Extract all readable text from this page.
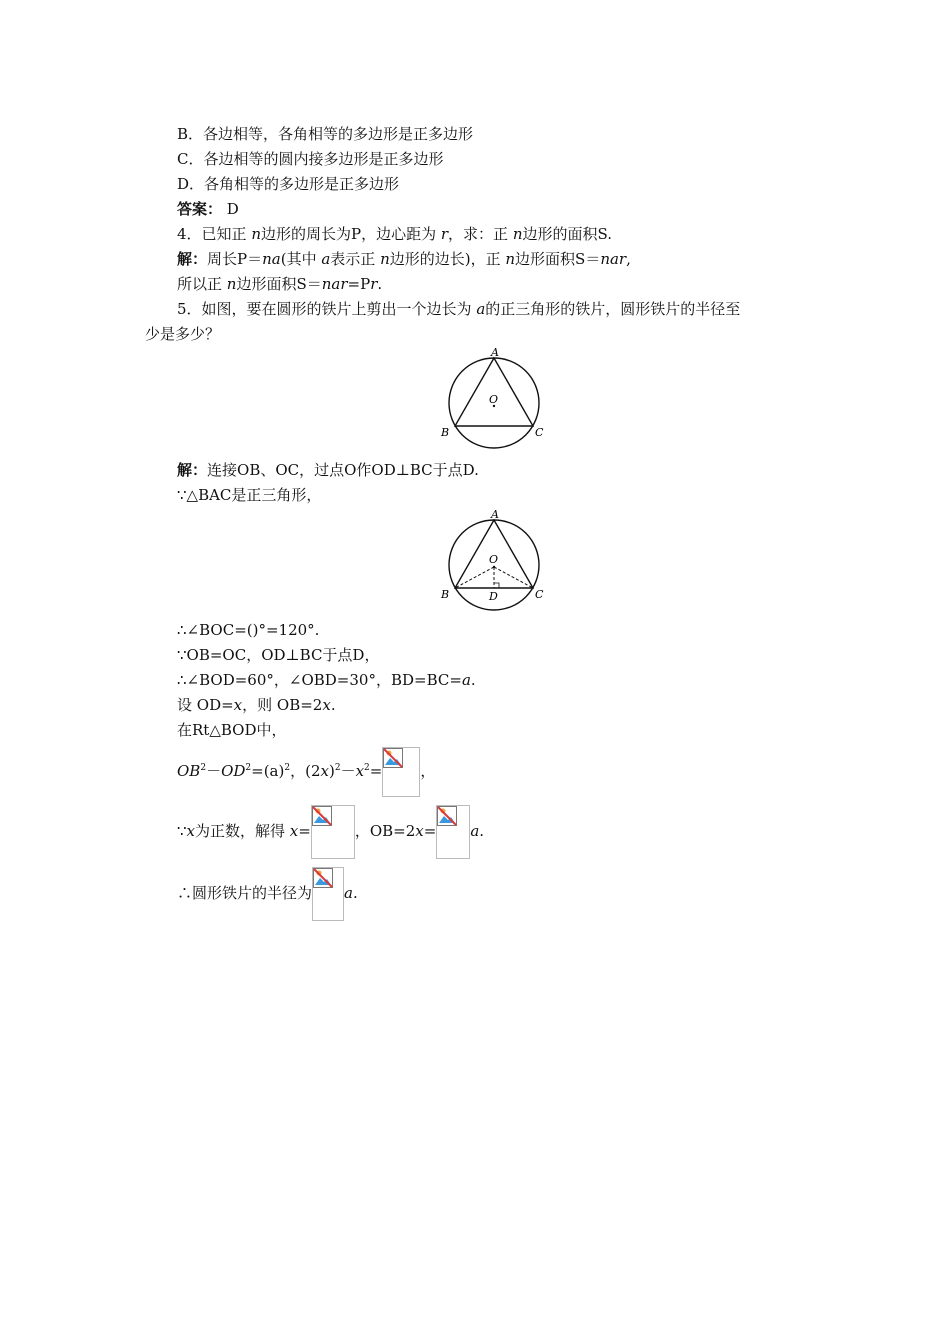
B．各边相等，各角相等的多边形是正多边形
C．各边相等的圆内接多边形是正多边形
D．各角相等的多边形是正多边形
答案： D
4．已知正 n边形的周长为P，边心距为 r，求：正 n边形的面积S.
解：周长P＝na(其中 a表示正 n边形的边长)，正 n边形面积S＝nar,
所以正 n边形面积S＝nar=Pr.
5．如图，要在圆形的铁片上剪出一个边长为 a的正三角形的铁片，圆形铁片的半径至
少是多少？
A
O
B	C
解：连接OB、OC，过点O作OD⊥BC于点D.
∵△BAC是正三角形，
A
O
B	C
D
∴∠BOC=()°=120°.
∵OB=OC，OD⊥BC于点D，
∴∠BOD=60°，∠OBD=30°，BD=BC=a.
设 OD=x，则 OB=2x.
在Rt△BOD中，
$OB^2-OD^2=(a)^2$，$(2x)^2-x^2=$	，
∵x为正数，解得 x=	，OB=2x= a.
∴圆形铁片的半径为 a.
